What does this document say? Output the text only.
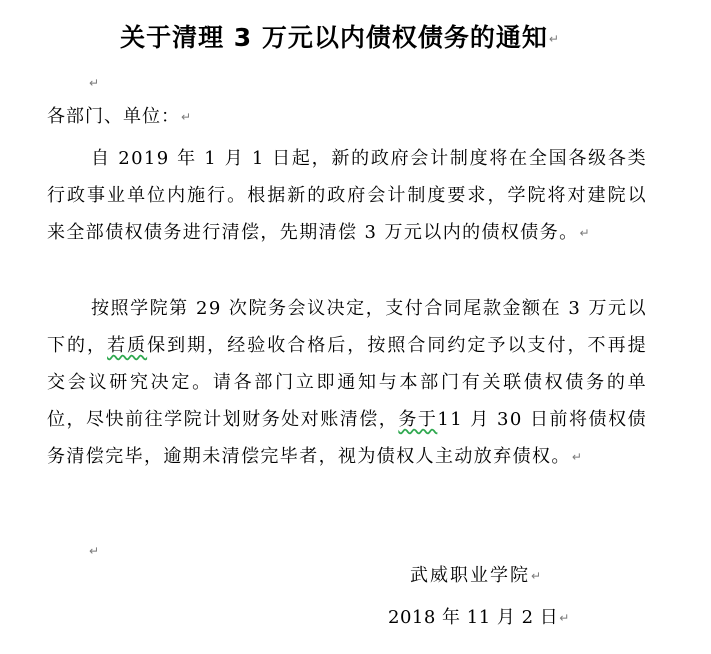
关于清理 3 万元以内债权债务的通知↵
↵
各部门、单位：↵
自 2019 年 1 月 1 日起，新的政府会计制度将在全国各级各类行政事业单位内施行。根据新的政府会计制度要求，学院将对建院以来全部债权债务进行清偿，先期清偿 3 万元以内的债权债务。↵
按照学院第 29 次院务会议决定，支付合同尾款金额在 3 万元以下的，若质保到期，经验收合格后，按照合同约定予以支付，不再提交会议研究决定。请各部门立即通知与本部门有关联债权债务的单位，尽快前往学院计划财务处对账清偿，务于11 月 30 日前将债权债务清偿完毕，逾期未清偿完毕者，视为债权人主动放弃债权。↵
↵
武威职业学院↵
2018 年 11 月 2 日↵
